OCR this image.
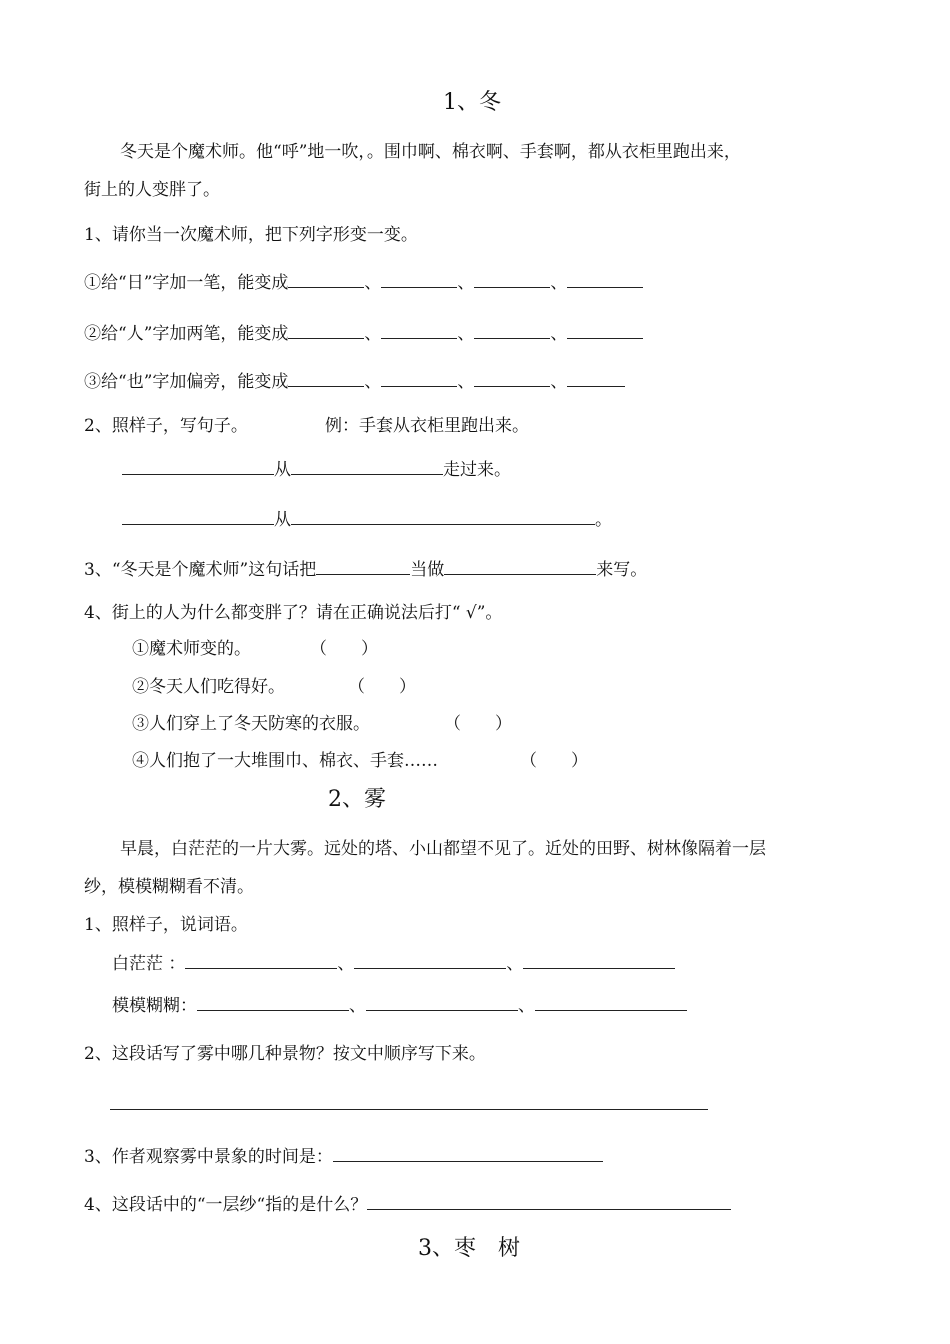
1、冬
冬天是个魔术师。他“呼”地一吹，。围巾啊、棉衣啊、手套啊，都从衣柜里跑出来，
街上的人变胖了。
1、请你当一次魔术师，把下列字形变一变。
①给“日”字加一笔，能变成	、	、	、
②给“人”字加两笔，能变成	、	、	、
③给“也”字加偏旁，能变成	、	、	、
2、照样子，写句子。	例：手套从衣柜里跑出来。
从	走过来。
从	。
3、“冬天是个魔术师”这句话把	当做	来写。
4、街上的人为什么都变胖了？请在正确说法后打“ √”。
①魔术师变的。	（　　）
②冬天人们吃得好。	（　　）
③人们穿上了冬天防寒的衣服。	（　　）
④人们抱了一大堆围巾、棉衣、手套……	（　　）
2、雾
早晨，白茫茫的一片大雾。远处的塔、小山都望不见了。近处的田野、树林像隔着一层
纱，模模糊糊看不清。
1、照样子，说词语。
白茫茫 ：	、	、
模模糊糊：	、	、
2、这段话写了雾中哪几种景物？按文中顺序写下来。
3、作者观察雾中景象的时间是：
4、这段话中的“一层纱“指的是什么？
3、枣　树
